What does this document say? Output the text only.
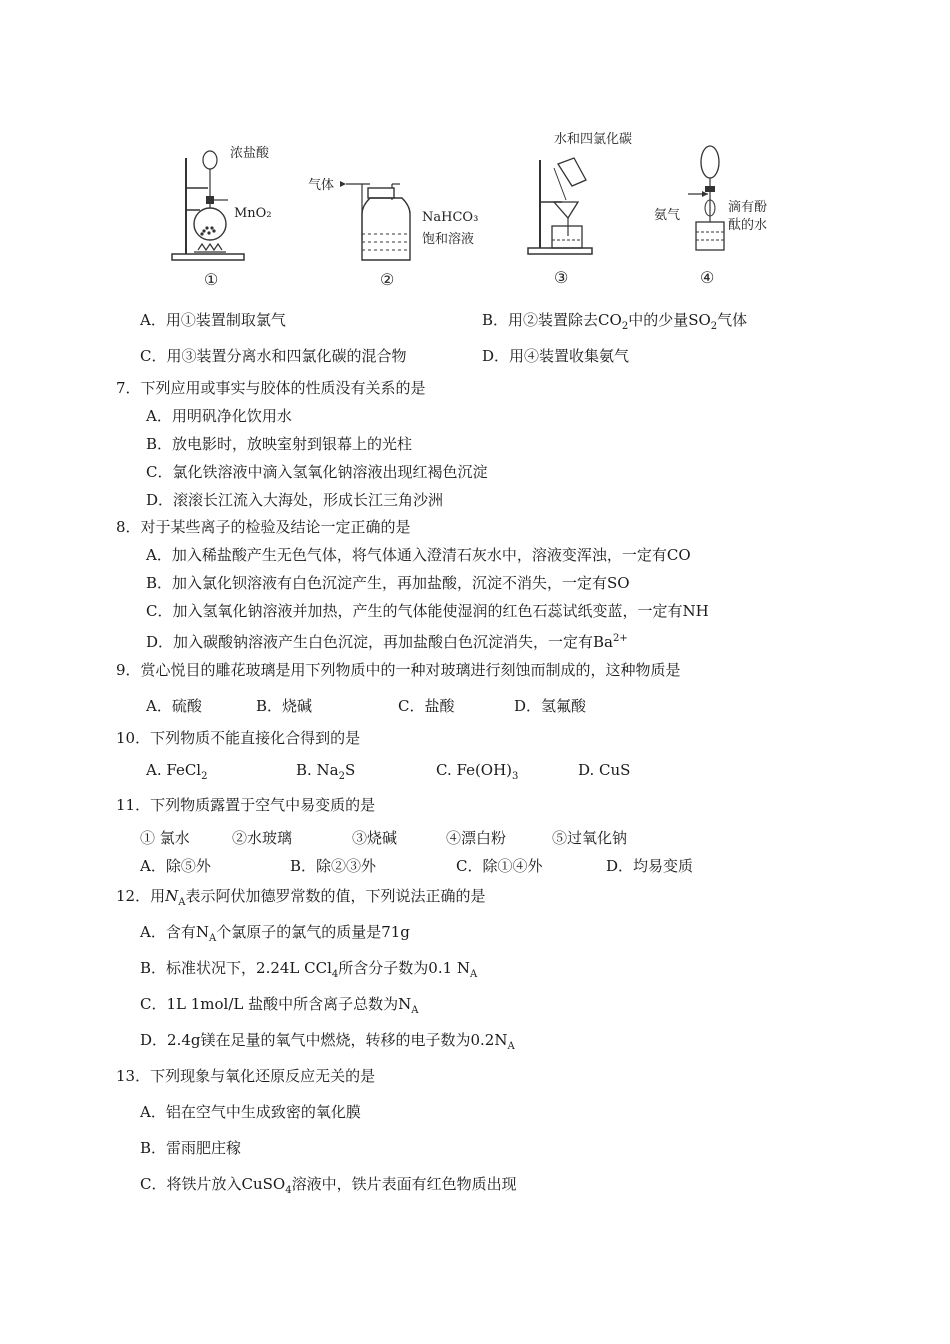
浓盐酸
MnO₂
①
气体
NaHCO₃
饱和溶液
②
水和四氯化碳
③
氨气
滴有酚
酞的水
④
A．用①装置制取氯气	B．用②装置除去$CO_2$中的少量$SO_2$气体
C．用③装置分离水和四氯化碳的混合物	D．用④装置收集氨气
7．下列应用或事实与胶体的性质没有关系的是
A．用明矾净化饮用水
B．放电影时，放映室射到银幕上的光柱
C．氯化铁溶液中滴入氢氧化钠溶液出现红褐色沉淀
D．滚滚长江流入大海处，形成长江三角沙洲
8．对于某些离子的检验及结论一定正确的是
A．加入稀盐酸产生无色气体，将气体通入澄清石灰水中，溶液变浑浊，一定有CO
B．加入氯化钡溶液有白色沉淀产生，再加盐酸，沉淀不消失，一定有SO
C．加入氢氧化钠溶液并加热，产生的气体能使湿润的红色石蕊试纸变蓝，一定有NH
D．加入碳酸钠溶液产生白色沉淀，再加盐酸白色沉淀消失，一定有$Ba^{2+}$
9．赏心悦目的雕花玻璃是用下列物质中的一种对玻璃进行刻蚀而制成的，这种物质是
A．硫酸	B．烧碱	C．盐酸	D．氢氟酸
10．下列物质不能直接化合得到的是
A. FeCl$_2$	B. $Na_2S$	C. $Fe(OH)_3$	D. CuS
11．下列物质露置于空气中易变质的是
① 氯水	②水玻璃	③烧碱	④漂白粉	⑤过氧化钠
A．除⑤外	B．除②③外	C．除①④外	D．均易变质
12．用$N_A$表示阿伏加德罗常数的值，下列说法正确的是
A．含有$N_A$个氯原子的氯气的质量是71g
B．标准状况下，2.24L CCl$_4$所含分子数为0.1 $N_A$
C．1L 1mol/L 盐酸中所含离子总数为$N_A$
D．2.4g镁在足量的氧气中燃烧，转移的电子数为$0.2N_A$
13．下列现象与氧化还原反应无关的是
A．铝在空气中生成致密的氧化膜
B．雷雨肥庄稼
C．将铁片放入CuSO$_4$溶液中，铁片表面有红色物质出现
